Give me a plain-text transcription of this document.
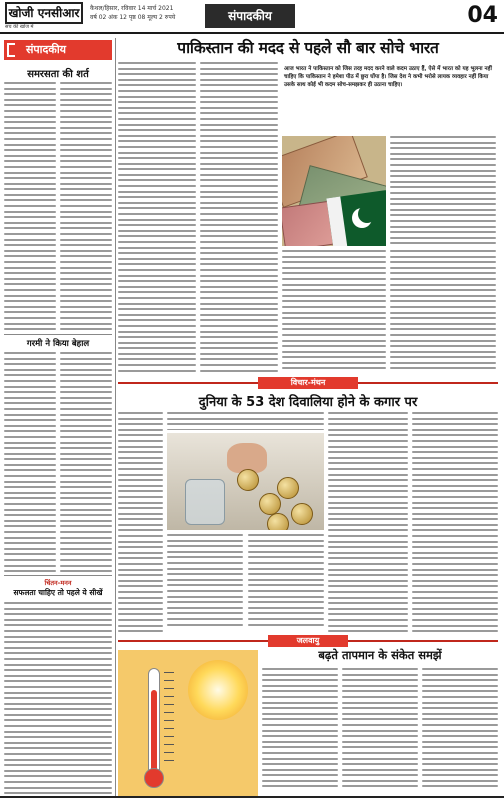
खोजी एनसीआर
सच की खोज में
कैथल/हिसार, रविवार 14 मार्च 2021
वर्ष 02 अंक 12 पृष्ठ 08 मूल्य 2 रुपये	संपादकीय	04
संपादकीय
समरसता की शर्त
गरमी ने किया बेहाल
चिंतन-मनन
सफलता चाहिए तो पहले ये सीखें
पाकिस्तान की मदद से पहले सौ बार सोचे भारत
आज भारत ने पाकिस्तान को जिस तरह मदद करने वाले कदम उठाए हैं, ऐसे में भारत को यह भूलना नहीं चाहिए कि पाकिस्तान ने हमेशा पीठ में छुरा घोंपा है। जिस देश ने कभी भरोसे लायक व्यवहार नहीं किया उसके साथ कोई भी कदम सोच-समझकर ही उठाना चाहिए।
विचार-मंथन
दुनिया के 53 देश दिवालिया होने के कगार पर
जलवायु
बढ़ते तापमान के संकेत समझें
